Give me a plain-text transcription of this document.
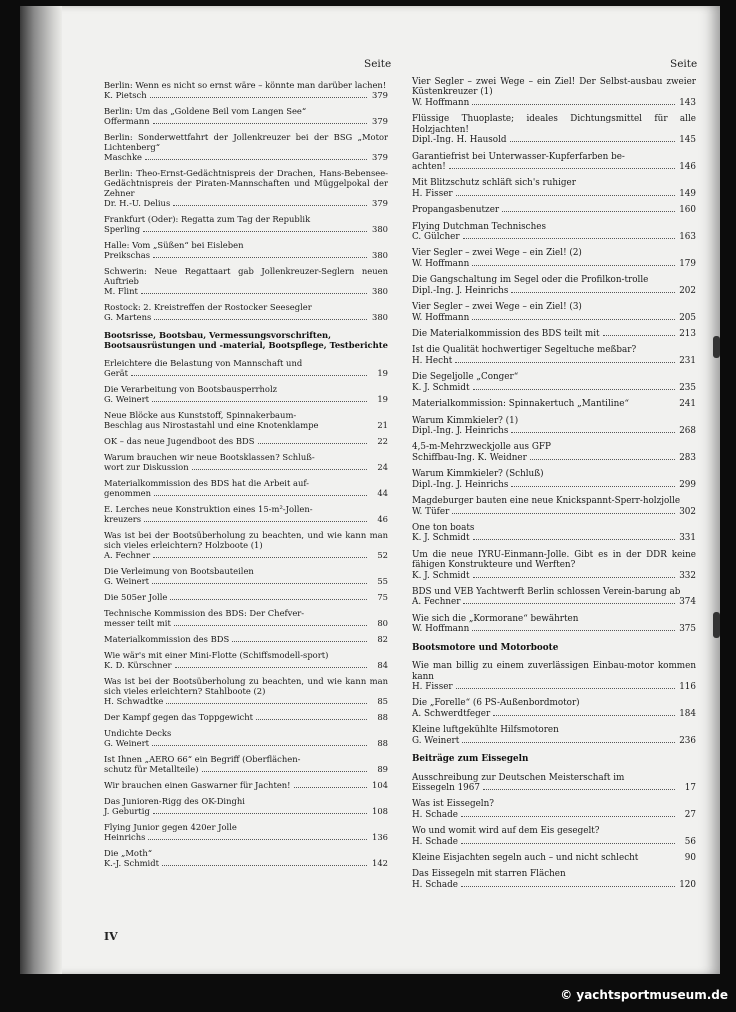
Seite	Seite
Berlin: Wenn es nicht so ernst wäre – könnte man darüber lachen!
K. Pietsch	379
Berlin: Um das „Goldene Beil vom Langen See“
Offermann	379
Berlin: Sonderwettfahrt der Jollenkreuzer bei der BSG „Motor Lichtenberg“
Maschke	379
Berlin: Theo-Ernst-Gedächtnispreis der Drachen, Hans-Bebensee-Gedächtnispreis der Piraten-Mannschaften und Müggelpokal der Zehner
Dr. H.-U. Delius	379
Frankfurt (Oder): Regatta zum Tag der Republik
Sperling	380
Halle: Vom „Süßen“ bei Eisleben
Preikschas	380
Schwerin: Neue Regattaart gab Jollenkreuzer-Seglern neuen Auftrieb
M. Flint	380
Rostock: 2. Kreistreffen der Rostocker Seesegler
G. Martens	380
Bootsrisse, Bootsbau, Vermessungsvorschriften, Bootsausrüstungen und -material, Bootspflege, Testberichte
Erleichtere die Belastung von Mannschaft und
Gerät	19
Die Verarbeitung von Bootsbausperrholz
G. Weinert	19
Neue Blöcke aus Kunststoff, Spinnakerbaum-
Beschlag aus Nirostastahl und eine Knotenklampe	21
OK – das neue Jugendboot des BDS	22
Warum brauchen wir neue Bootsklassen? Schluß-
wort zur Diskussion	24
Materialkommission des BDS hat die Arbeit auf-
genommen	44
E. Lerches neue Konstruktion eines 15-m²-Jollen-
kreuzers	46
Was ist bei der Bootsüberholung zu beachten, und wie kann man sich vieles erleichtern? Holzboote (1)
A. Fechner	52
Die Verleimung von Bootsbauteilen
G. Weinert	55
Die 505er Jolle	75
Technische Kommission des BDS: Der Chefver-
messer teilt mit	80
Materialkommission des BDS	82
Wie wär's mit einer Mini-Flotte (Schiffsmodell-sport)
K. D. Kürschner	84
Was ist bei der Bootsüberholung zu beachten, und wie kann man sich vieles erleichtern? Stahlboote (2)
H. Schwadtke	85
Der Kampf gegen das Toppgewicht	88
Undichte Decks
G. Weinert	88
Ist Ihnen „AERO 66“ ein Begriff (Oberflächen-
schutz für Metallteile)	89
Wir brauchen einen Gaswarner für Jachten!	104
Das Junioren-Rigg des OK-Dinghi
J. Geburtig	108
Flying Junior gegen 420er Jolle
Heinrichs	136
Die „Moth“
K.-J. Schmidt	142
Vier Segler – zwei Wege – ein Ziel! Der Selbst-ausbau zweier Küstenkreuzer (1)
W. Hoffmann	143
Flüssige Thuoplaste; ideales Dichtungsmittel für alle Holzjachten!
Dipl.-Ing. H. Hausold	145
Garantiefrist bei Unterwasser-Kupferfarben be-
achten!	146
Mit Blitzschutz schläft sich's ruhiger
H. Fisser	149
Propangasbenutzer	160
Flying Dutchman Technisches
C. Gülcher	163
Vier Segler – zwei Wege – ein Ziel! (2)
W. Hoffmann	179
Die Gangschaltung im Segel oder die Profilkon-trolle
Dipl.-Ing. J. Heinrichs	202
Vier Segler – zwei Wege – ein Ziel! (3)
W. Hoffmann	205
Die Materialkommission des BDS teilt mit	213
Ist die Qualität hochwertiger Segeltuche meßbar?
H. Hecht	231
Die Segeljolle „Conger“
K. J. Schmidt	235
Materialkommission: Spinnakertuch „Mantiline“	241
Warum Kimmkieler? (1)
Dipl.-Ing. J. Heinrichs	268
4,5-m-Mehrzweckjolle aus GFP
Schiffbau-Ing. K. Weidner	283
Warum Kimmkieler? (Schluß)
Dipl.-Ing. J. Heinrichs	299
Magdeburger bauten eine neue Knickspannt-Sperr-holzjolle
W. Tüfer	302
One ton boats
K. J. Schmidt	331
Um die neue IYRU-Einmann-Jolle. Gibt es in der DDR keine fähigen Konstrukteure und Werften?
K. J. Schmidt	332
BDS und VEB Yachtwerft Berlin schlossen Verein-barung ab
A. Fechner	374
Wie sich die „Kormorane“ bewährten
W. Hoffmann	375
Bootsmotore und Motorboote
Wie man billig zu einem zuverlässigen Einbau-motor kommen kann
H. Fisser	116
Die „Forelle“ (6 PS-Außenbordmotor)
A. Schwerdtfeger	184
Kleine luftgekühlte Hilfsmotoren
G. Weinert	236
Beiträge zum Eissegeln
Ausschreibung zur Deutschen Meisterschaft im
Eissegeln 1967	17
Was ist Eissegeln?
H. Schade	27
Wo und womit wird auf dem Eis gesegelt?
H. Schade	56
Kleine Eisjachten segeln auch – und nicht schlecht	90
Das Eissegeln mit starren Flächen
H. Schade	120
IV
© yachtsportmuseum.de
